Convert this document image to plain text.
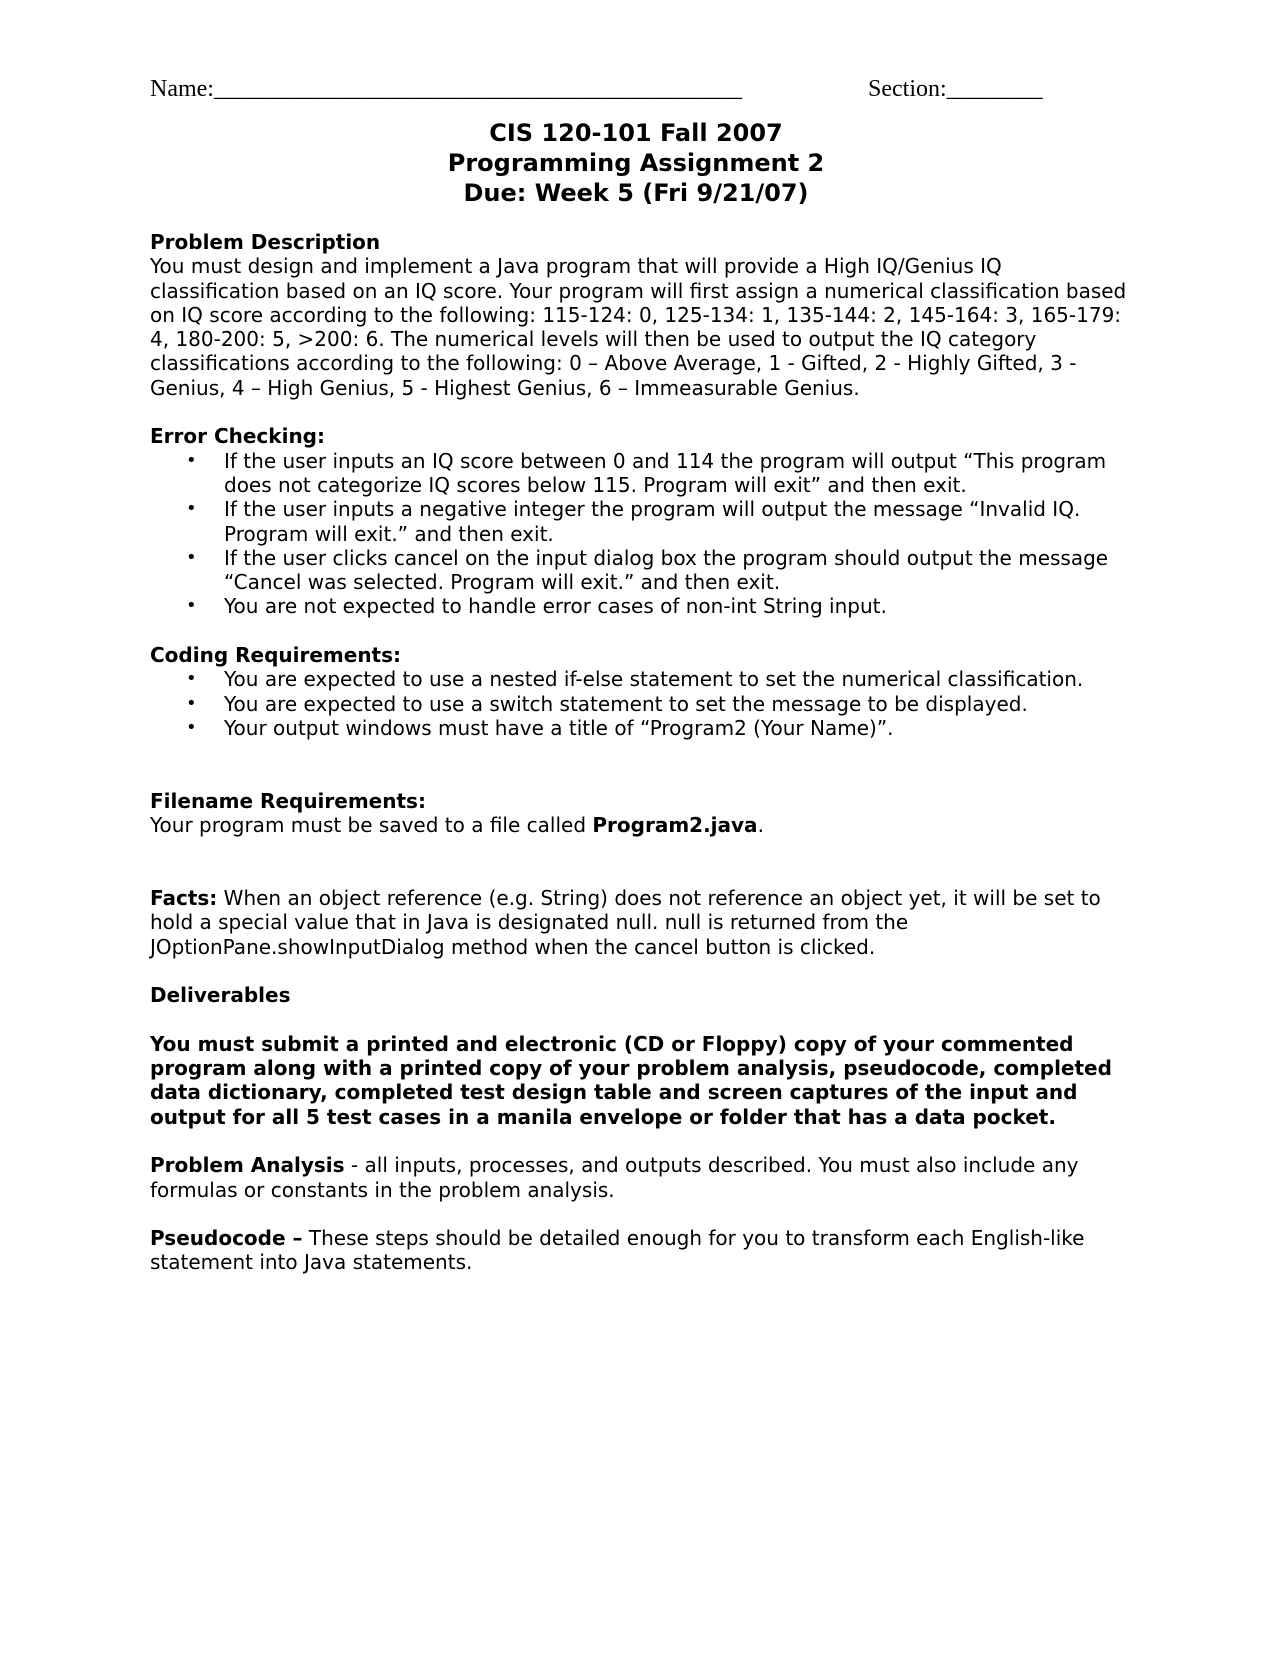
Name:____________________________________________	Section:________
CIS 120-101 Fall 2007
Programming Assignment 2
Due: Week 5 (Fri 9/21/07)

Problem Description

You must design and implement a Java program that will provide a High IQ/Genius IQ classification based on an IQ score. Your program will first assign a numerical classification based on IQ score according to the following: 115-124: 0, 125-134: 1, 135-144: 2, 145-164: 3, 165-179: 4, 180-200: 5, >200: 6. The numerical levels will then be used to output the IQ category classifications according to the following: 0 – Above Average, 1 - Gifted, 2 - Highly Gifted, 3 - Genius, 4 – High Genius, 5 - Highest Genius, 6 – Immeasurable Genius.

Error Checking:

• If the user inputs an IQ score between 0 and 114 the program will output “This program does not categorize IQ scores below 115. Program will exit” and then exit.
• If the user inputs a negative integer the program will output the message “Invalid IQ. Program will exit.” and then exit.
• If the user clicks cancel on the input dialog box the program should output the message “Cancel was selected. Program will exit.” and then exit.
• You are not expected to handle error cases of non-int String input.

Coding Requirements:

• You are expected to use a nested if-else statement to set the numerical classification.
• You are expected to use a switch statement to set the message to be displayed.
• Your output windows must have a title of “Program2 (Your Name)”.

Filename Requirements:

Your program must be saved to a file called Program2.java.

Facts: When an object reference (e.g. String) does not reference an object yet, it will be set to hold a special value that in Java is designated null. null is returned from the JOptionPane.showInputDialog method when the cancel button is clicked.

Deliverables

You must submit a printed and electronic (CD or Floppy) copy of your commented program along with a printed copy of your problem analysis, pseudocode, completed data dictionary, completed test design table and screen captures of the input and output for all 5 test cases in a manila envelope or folder that has a data pocket.

Problem Analysis - all inputs, processes, and outputs described. You must also include any formulas or constants in the problem analysis.

Pseudocode – These steps should be detailed enough for you to transform each English-like statement into Java statements.
